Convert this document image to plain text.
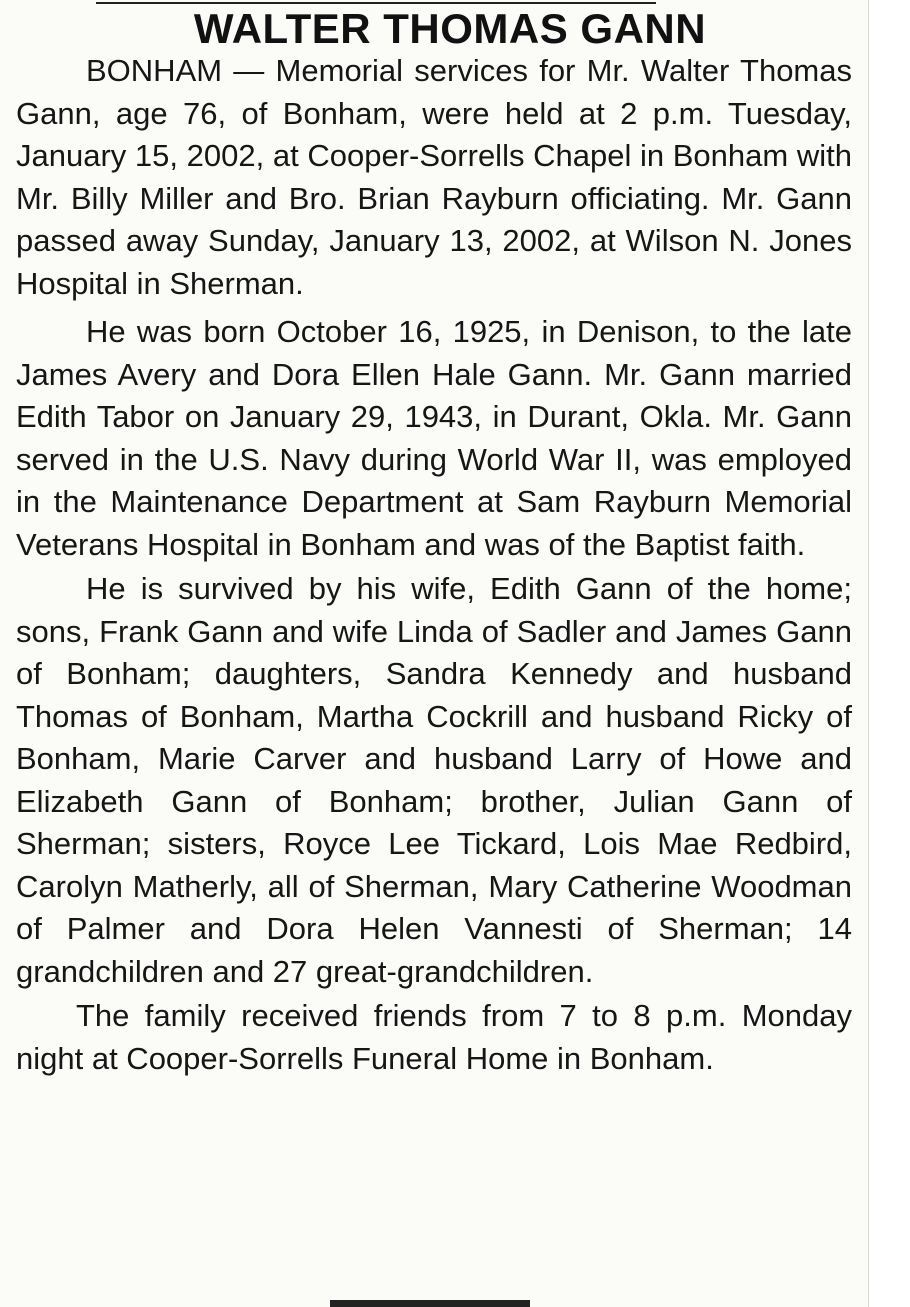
WALTER THOMAS GANN

BONHAM — Memorial services for Mr. Walter Thomas Gann, age 76, of Bonham, were held at 2 p.m. Tuesday, January 15, 2002, at Cooper-Sorrells Chapel in Bonham with Mr. Billy Miller and Bro. Brian Rayburn officiating. Mr. Gann passed away Sunday, January 13, 2002, at Wilson N. Jones Hospital in Sherman.

He was born October 16, 1925, in Denison, to the late James Avery and Dora Ellen Hale Gann. Mr. Gann married Edith Tabor on January 29, 1943, in Durant, Okla. Mr. Gann served in the U.S. Navy during World War II, was employed in the Maintenance Department at Sam Rayburn Memorial Veterans Hospital in Bonham and was of the Baptist faith.

He is survived by his wife, Edith Gann of the home; sons, Frank Gann and wife Linda of Sadler and James Gann of Bonham; daughters, Sandra Kennedy and husband Thomas of Bonham, Martha Cockrill and husband Ricky of Bonham, Marie Carver and husband Larry of Howe and Elizabeth Gann of Bonham; brother, Julian Gann of Sherman; sisters, Royce Lee Tickard, Lois Mae Redbird, Carolyn Matherly, all of Sherman, Mary Catherine Woodman of Palmer and Dora Helen Vannesti of Sherman; 14 grandchildren and 27 great-grandchildren.

The family received friends from 7 to 8 p.m. Monday night at Cooper-Sorrells Funeral Home in Bonham.
